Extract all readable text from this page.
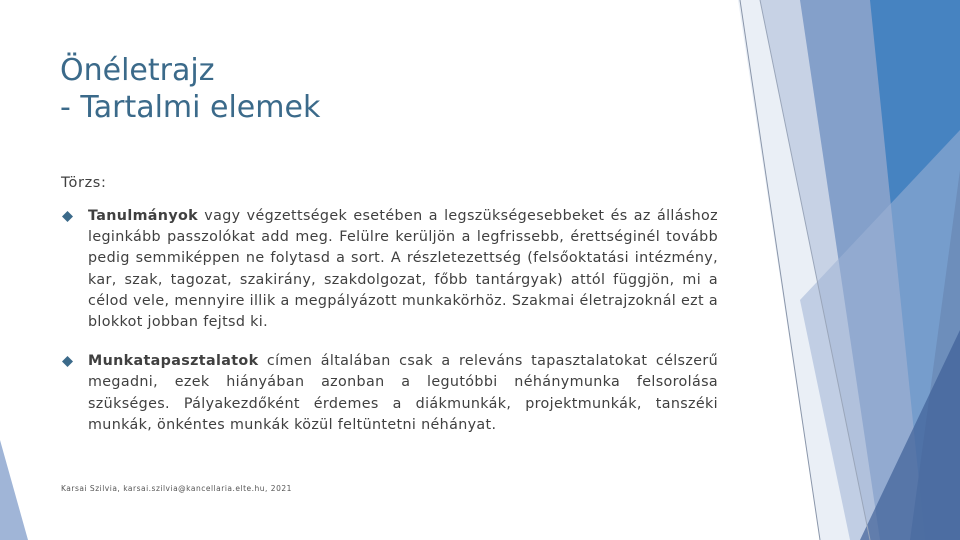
Önéletrajz
- Tartalmi elemek
Törzs:
Tanulmányok vagy végzettségek esetében a legszükségesebbeket és az álláshoz leginkább passzolókat add meg. Felülre kerüljön a legfrissebb, érettséginél tovább pedig semmiképpen ne folytasd a sort. A részletezettség (felsőoktatási intézmény, kar, szak, tagozat, szakirány, szakdolgozat, főbb tantárgyak) attól függjön, mi a célod vele, mennyire illik a megpályázott munkakörhöz. Szakmai életrajzoknál ezt a blokkot jobban fejtsd ki.
Munkatapasztalatok címen általában csak a releváns tapasztalatokat célszerű megadni, ezek hiányában azonban a legutóbbi néhánymunka felsorolása szükséges. Pályakezdőként érdemes a diákmunkák, projektmunkák, tanszéki munkák, önkéntes munkák közül feltüntetni néhányat.
Karsai Szilvia, karsai.szilvia@kancellaria.elte.hu, 2021
